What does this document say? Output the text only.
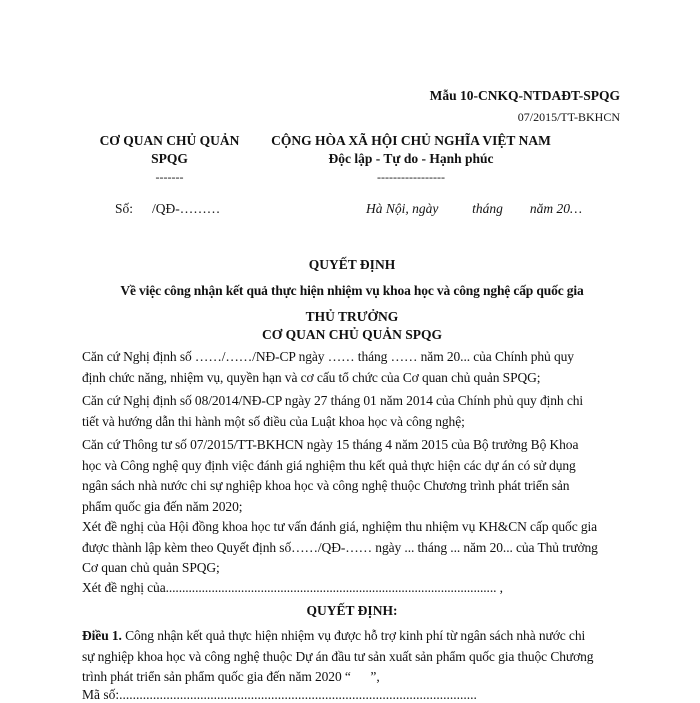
Mẫu 10-CNKQ-NTDAĐT-SPQG
07/2015/TT-BKHCN
CƠ QUAN CHỦ QUẢN
SPQG
-------
CỘNG HÒA XÃ HỘI CHỦ NGHĨA VIỆT NAM
Độc lập - Tự do - Hạnh phúc
-----------------
Số: /QĐ-………	Hà Nội, ngày          tháng        năm 20…
QUYẾT ĐỊNH
Về việc công nhận kết quả thực hiện nhiệm vụ khoa học và công nghệ cấp quốc gia
THỦ TRƯỞNG
CƠ QUAN CHỦ QUẢN SPQG
Căn cứ Nghị định số ……/……/NĐ-CP ngày …… tháng …… năm 20... của Chính phủ quy
định chức năng, nhiệm vụ, quyền hạn và cơ cấu tổ chức của Cơ quan chủ quản SPQG;
Căn cứ Nghị định số 08/2014/NĐ-CP ngày 27 tháng 01 năm 2014 của Chính phủ quy định chi
tiết và hướng dẫn thi hành một số điều của Luật khoa học và công nghệ;
Căn cứ Thông tư số 07/2015/TT-BKHCN ngày 15 tháng 4 năm 2015 của Bộ trưởng Bộ Khoa
học và Công nghệ quy định việc đánh giá nghiệm thu kết quả thực hiện các dự án có sử dụng
ngân sách nhà nước chi sự nghiệp khoa học và công nghệ thuộc Chương trình phát triển sản
phẩm quốc gia đến năm 2020;
Xét đề nghị của Hội đồng khoa học tư vấn đánh giá, nghiệm thu nhiệm vụ KH&CN cấp quốc gia
được thành lập kèm theo Quyết định số……/QĐ-…… ngày ... tháng ... năm 20... của Thủ trưởng
Cơ quan chủ quản SPQG;
Xét đề nghị của..................................................................................................... ,
QUYẾT ĐỊNH:
Điều 1. Công nhận kết quả thực hiện nhiệm vụ được hỗ trợ kinh phí từ ngân sách nhà nước chi
sự nghiệp khoa học và công nghệ thuộc Dự án đầu tư sản xuất sản phẩm quốc gia thuộc Chương
trình phát triển sản phẩm quốc gia đến năm 2020 “      ”,
Mã số:..........................................................................................................
